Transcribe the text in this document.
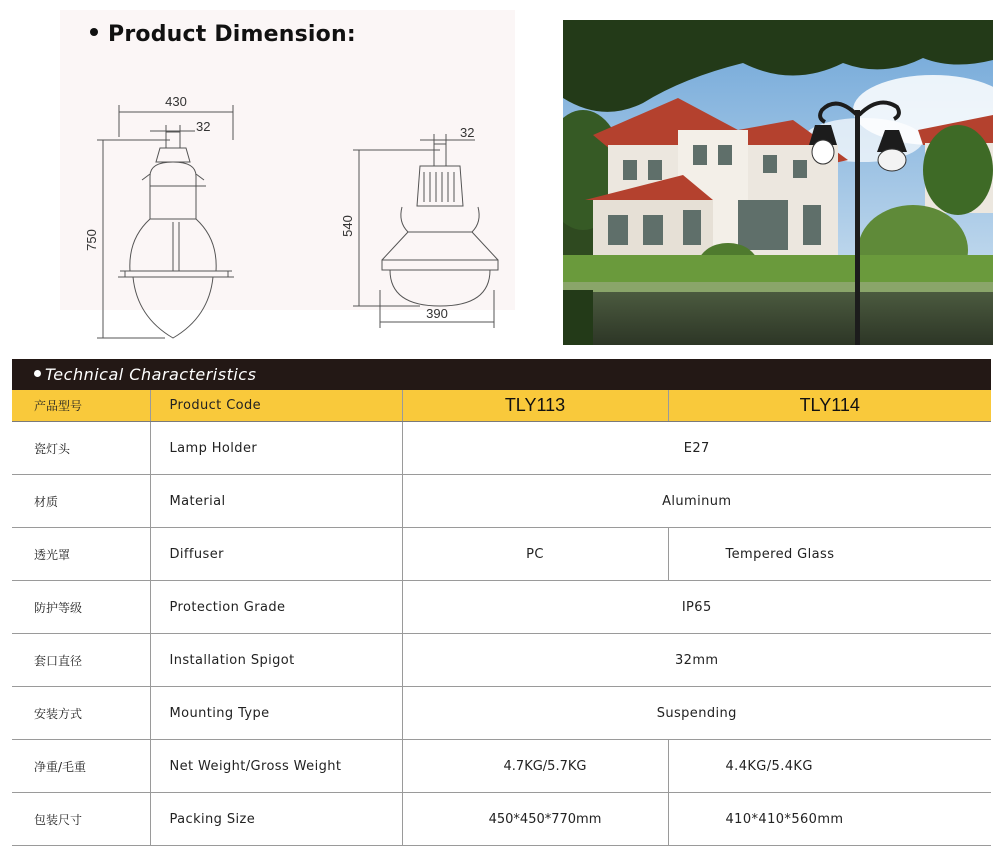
Product Dimension:
430
32
750
32
540
390
Technical Characteristics
产品型号	Product Code	TLY113	TLY114
瓷灯头	Lamp Holder	E27	
材质	Material	Aluminum	
透光罩	Diffuser	PC	Tempered Glass
防护等级	Protection Grade	IP65	
套口直径	Installation Spigot	32mm	
安装方式	Mounting Type	Suspending	
净重/毛重	Net Weight/Gross Weight	4.7KG/5.7KG	4.4KG/5.4KG
包装尺寸	Packing Size	450*450*770mm	410*410*560mm
